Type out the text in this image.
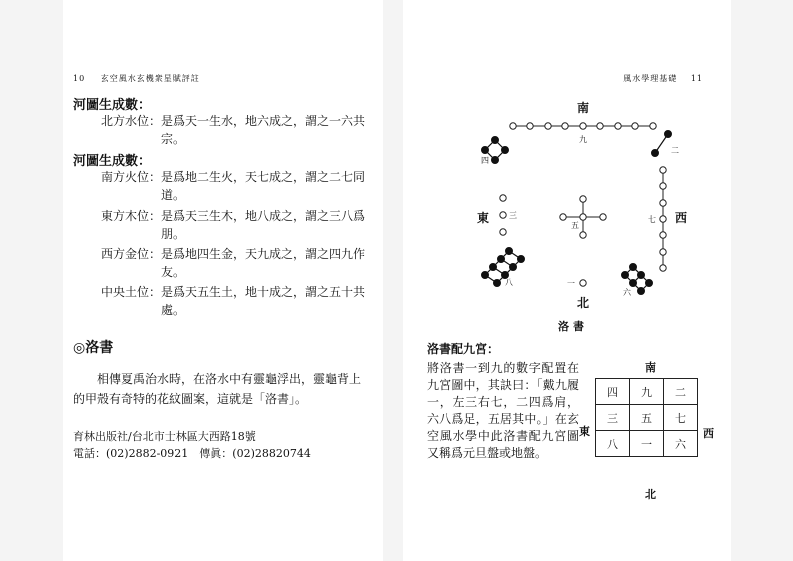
10 玄空風水玄機衆星賦評註
河圖生成數：
北方水位：是爲天一生水，地六成之，謂之一六共宗。
河圖生成數：
南方火位：是爲地二生火，天七成之，謂之二七同道。
東方木位：是爲天三生木，地八成之，謂之三八爲朋。
西方金位：是爲地四生金，天九成之，謂之四九作友。
中央土位：是爲天五生土，地十成之，謂之五十共處。
◎洛書
相傳夏禹治水時，在洛水中有靈龜浮出，靈龜背上的甲殼有奇特的花紋圖案，這就是「洛書」。
育林出版社/台北市士林區大西路18號
電話：(02)2882-0921　傳眞：(02)28820744
風水學理基礎 11
南
北
東	西
九
二
四
三
五
七
八	一
六
洛書
洛書配九宮：
將洛書一到九的數字配置在九宮圖中，其訣曰：「戴九履一，左三右七，二四爲肩，六八爲足，五居其中。」在玄空風水學中此洛書配九宮圖又稱爲元旦盤或地盤。
南
北
東	西
四	九	二
三	五	七
八	一	六
